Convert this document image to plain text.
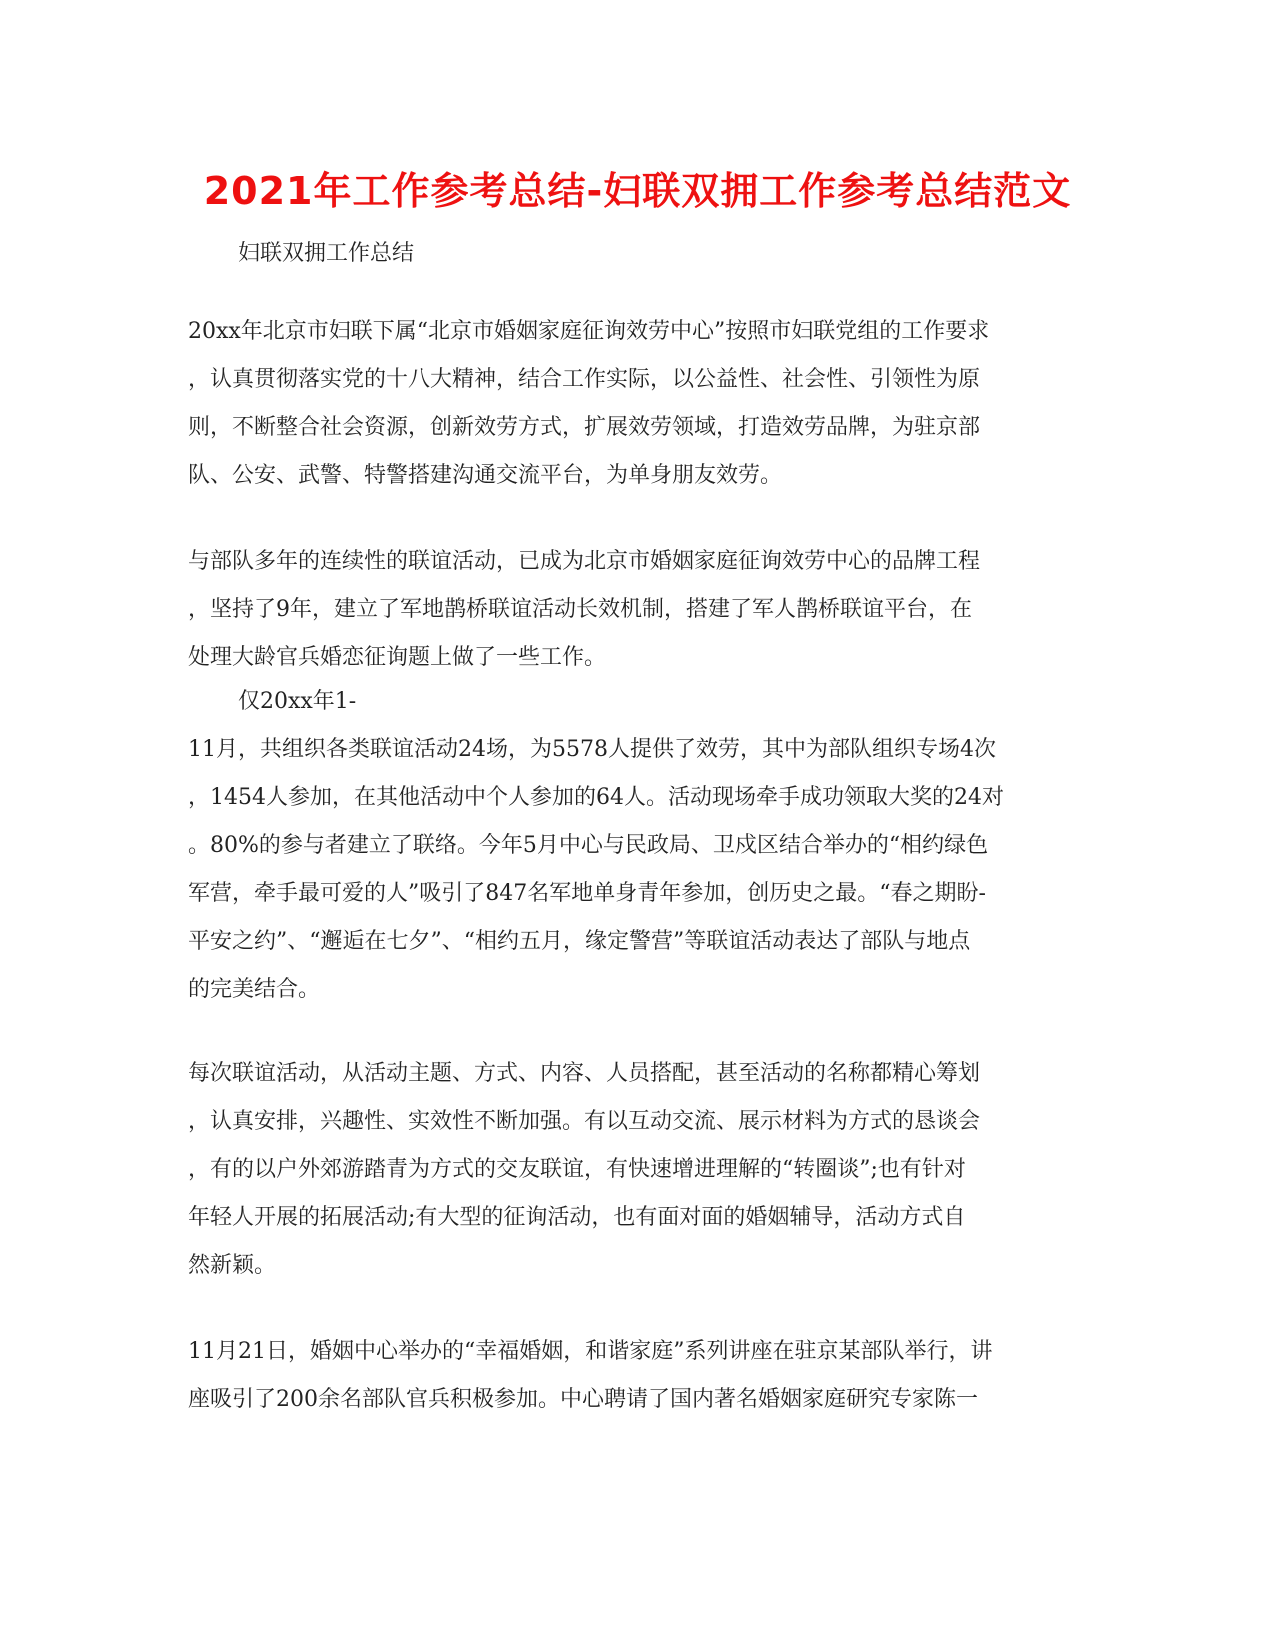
2021年工作参考总结-妇联双拥工作参考总结范文
妇联双拥工作总结
20xx年北京市妇联下属“北京市婚姻家庭征询效劳中心”按照市妇联党组的工作要求
，认真贯彻落实党的十八大精神，结合工作实际，以公益性、社会性、引领性为原
则，不断整合社会资源，创新效劳方式，扩展效劳领域，打造效劳品牌，为驻京部
队、公安、武警、特警搭建沟通交流平台，为单身朋友效劳。
与部队多年的连续性的联谊活动，已成为北京市婚姻家庭征询效劳中心的品牌工程
，坚持了9年，建立了军地鹊桥联谊活动长效机制，搭建了军人鹊桥联谊平台，在
处理大龄官兵婚恋征询题上做了一些工作。
仅20xx年1-
11月，共组织各类联谊活动24场，为5578人提供了效劳，其中为部队组织专场4次
，1454人参加，在其他活动中个人参加的64人。活动现场牵手成功领取大奖的24对
。80%的参与者建立了联络。今年5月中心与民政局、卫戍区结合举办的“相约绿色
军营，牵手最可爱的人”吸引了847名军地单身青年参加，创历史之最。“春之期盼-
平安之约”、“邂逅在七夕”、“相约五月，缘定警营”等联谊活动表达了部队与地点
的完美结合。
每次联谊活动，从活动主题、方式、内容、人员搭配，甚至活动的名称都精心筹划
，认真安排，兴趣性、实效性不断加强。有以互动交流、展示材料为方式的恳谈会
，有的以户外郊游踏青为方式的交友联谊，有快速增进理解的“转圈谈”;也有针对
年轻人开展的拓展活动;有大型的征询活动，也有面对面的婚姻辅导，活动方式自
然新颖。
11月21日，婚姻中心举办的“幸福婚姻，和谐家庭”系列讲座在驻京某部队举行，讲
座吸引了200余名部队官兵积极参加。中心聘请了国内著名婚姻家庭研究专家陈一
